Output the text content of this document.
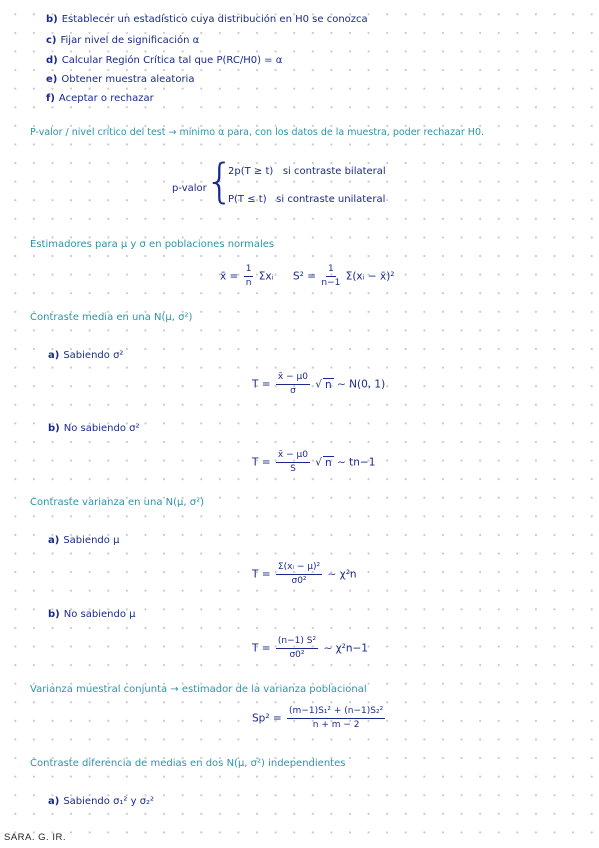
b) Establecer un estadístico cuya distribución en H0 se conozca
c) Fijar nivel de significación α
d) Calcular Región Crítica tal que P(RC/H0) = α
e) Obtener muestra aleatoria
f) Aceptar o rechazar
P-valor / nivel crítico del test → mínimo α para, con los datos de la muestra, poder rechazar H0.
p-valor
{
2p(T ≥ t) si contraste bilateral
P(T ≤ t) si contraste unilateral
Estimadores para μ y σ en poblaciones normales
x̄ = $\frac{1}{n}$ Σxᵢ $S^2 = \frac{1}{n-1}$ Σ(xᵢ − x̄)²
Contraste media en una N(μ, σ²)
a) Sabiendo σ²
$T = \frac{x̄ - \mu 0}{\sigma}$ √ n ∼ N(0, 1)
b) No sabiendo σ²
$T = \frac{x̄ - \mu 0}{S}$ √ n ∼ tn−1
Contraste varianza en una N(μ, σ²)
a) Sabiendo μ
$T = \frac{\text{Σ(xᵢ − μ)²}}{\text{σ0²}}$ ∼ χ²n
b) No sabiendo μ
$T = \frac{\text{(n−1) S²}}{\text{σ0²}}$ ∼ χ²n−1
Varianza muestral conjunta → estimador de la varianza poblacional
$Sp^2 = \frac{\text{(m−1)S₁² + (n−1)S₂²}}{n + m - 2}$
Contraste diferencia de medias en dos N(μ, σ²) independientes
a) Sabiendo σ₁² y σ₂²
SARA. G. IR.
